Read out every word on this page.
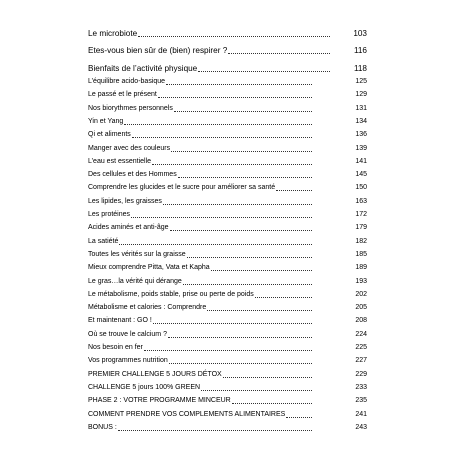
Le microbiote	103
Etes-vous bien sûr de (bien) respirer ?	116
Bienfaits de l’activité physique	118
L’équilibre acido-basique	125
Le passé et le présent	129
Nos biorythmes personnels	131
Yin et Yang	134
Qi et aliments	136
Manger avec des couleurs	139
L’eau est essentielle	141
Des cellules et des Hommes	145
Comprendre les glucides et le sucre pour améliorer sa santé	150
Les lipides, les graisses	163
Les protéines	172
Acides aminés et anti-âge	179
La satiété	182
Toutes les vérités sur la graisse	185
Mieux comprendre Pitta, Vata et Kapha	189
Le gras…la vérité qui dérange	193
Le métabolisme, poids stable, prise ou perte de poids	202
Métabolisme et calories : Comprendre	205
Et maintenant : GO !	208
Où se trouve le calcium ?	224
Nos besoin en fer	225
Vos programmes nutrition	227
PREMIER CHALLENGE 5 JOURS DÉTOX	229
CHALLENGE 5 jours 100% GREEN	233
PHASE 2 : VOTRE PROGRAMME MINCEUR	235
COMMENT PRENDRE VOS COMPLEMENTS ALIMENTAIRES	241
BONUS :	243
